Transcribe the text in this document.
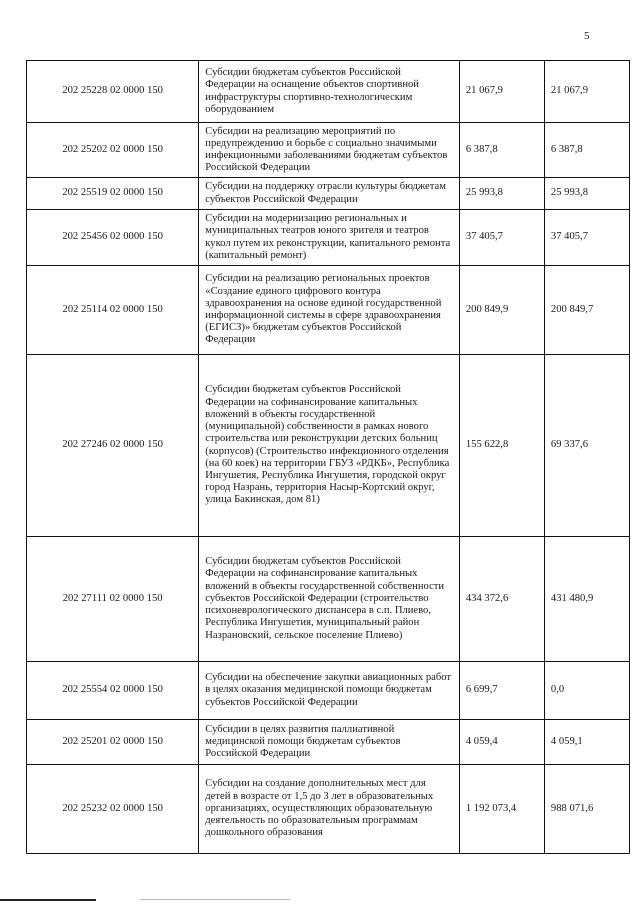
5
202 25228 02 0000 150	Субсидии бюджетам субъектов Российской Федерации на оснащение объектов спортивной инфраструктуры спортивно-технологическим оборудованием	21 067,9	21 067,9
202 25202 02 0000 150	Субсидии на реализацию мероприятий по предупреждению и борьбе с социально значимыми инфекционными заболеваниями бюджетам субъектов Российской Федерации	6 387,8	6 387,8
202 25519 02 0000 150	Субсидии на поддержку отрасли культуры бюджетам субъектов Российской Федерации	25 993,8	25 993,8
202 25456 02 0000 150	Субсидии на модернизацию региональных и муниципальных театров юного зрителя и театров кукол путем их реконструкции, капитального ремонта (капитальный ремонт)	37 405,7	37 405,7
202 25114 02 0000 150	Субсидии на реализацию региональных проектов «Создание единого цифрового контура здравоохранения на основе единой государственной информационной системы в сфере здравоохранения (ЕГИСЗ)» бюджетам субъектов Российской Федерации	200 849,9	200 849,7
202 27246 02 0000 150	Субсидии бюджетам субъектов Российской Федерации на софинансирование капитальных вложений в объекты государственной (муниципальной) собственности в рамках нового строительства или реконструкции детских больниц (корпусов) (Строительство инфекционного отделения (на 60 коек) на территории ГБУЗ «РДКБ», Республика Ингушетия, Республика Ингушетия, городской округ город Назрань, территория Насыр-Кортский округ, улица Бакинская, дом 81)	155 622,8	69 337,6
202 27111 02 0000 150	Субсидии бюджетам субъектов Российской Федерации на софинансирование капитальных вложений в объекты государственной собственности субъектов Российской Федерации (строительство психоневрологического диспансера в с.п. Плиево, Республика Ингушетия, муниципальный район Назрановский, сельское поселение Плиево)	434 372,6	431 480,9
202 25554 02 0000 150	Субсидии на обеспечение закупки авиационных работ в целях оказания медицинской помощи бюджетам субъектов Российской Федерации	6 699,7	0,0
202 25201 02 0000 150	Субсидии в целях развития паллиативной медицинской помощи бюджетам субъектов Российской Федерации	4 059,4	4 059,1
202 25232 02 0000 150	Субсидии на создание дополнительных мест для детей в возрасте от 1,5 до 3 лет в образовательных организациях, осуществляющих образовательную деятельность по образовательным программам дошкольного образования	1 192 073,4	988 071,6
